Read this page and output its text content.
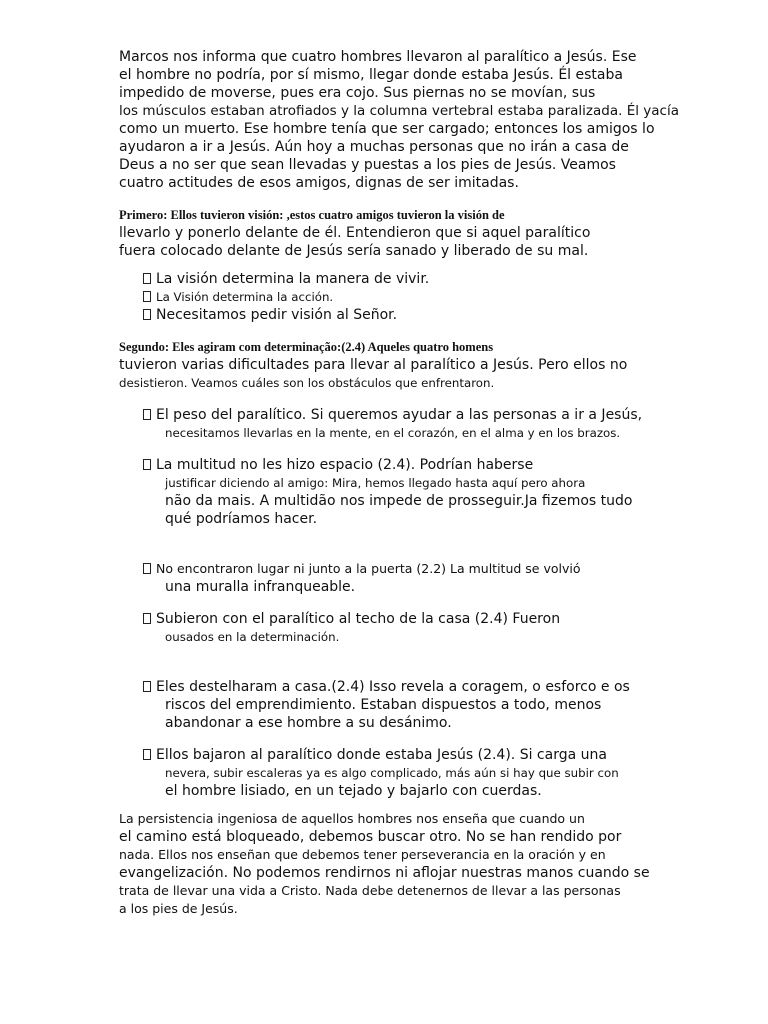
Marcos nos informa que cuatro hombres llevaron al paralítico a Jesús. Ese
el hombre no podría, por sí mismo, llegar donde estaba Jesús. Él estaba
impedido de moverse, pues era cojo. Sus piernas no se movían, sus
los músculos estaban atrofiados y la columna vertebral estaba paralizada. Él yacía
como un muerto. Ese hombre tenía que ser cargado; entonces los amigos lo
ayudaron a ir a Jesús. Aún hoy a muchas personas que no irán a casa de
Deus a no ser que sean llevadas y puestas a los pies de Jesús. Veamos
cuatro actitudes de esos amigos, dignas de ser imitadas.
Primero: Ellos tuvieron visión: ,estos cuatro amigos tuvieron la visión de
llevarlo y ponerlo delante de él. Entendieron que si aquel paralítico
fuera colocado delante de Jesús sería sanado y liberado de su mal.
La visión determina la manera de vivir.
La Visión determina la acción.
Necesitamos pedir visión al Señor.
Segundo: Eles agiram com determinação:(2.4) Aqueles quatro homens
tuvieron varias dificultades para llevar al paralítico a Jesús. Pero ellos no
desistieron. Veamos cuáles son los obstáculos que enfrentaron.
El peso del paralítico. Si queremos ayudar a las personas a ir a Jesús,
necesitamos llevarlas en la mente, en el corazón, en el alma y en los brazos.
La multitud no les hizo espacio (2.4). Podrían haberse
justificar diciendo al amigo: Mira, hemos llegado hasta aquí pero ahora
não da mais. A multidão nos impede de prosseguir.Ja fizemos tudo
qué podríamos hacer.
No encontraron lugar ni junto a la puerta (2.2) La multitud se volvió
una muralla infranqueable.
Subieron con el paralítico al techo de la casa (2.4) Fueron
ousados en la determinación.
Eles destelharam a casa.(2.4) Isso revela a coragem, o esforco e os
riscos del emprendimiento. Estaban dispuestos a todo, menos
abandonar a ese hombre a su desánimo.
Ellos bajaron al paralítico donde estaba Jesús (2.4). Si carga una
nevera, subir escaleras ya es algo complicado, más aún si hay que subir con
el hombre lisiado, en un tejado y bajarlo con cuerdas.
La persistencia ingeniosa de aquellos hombres nos enseña que cuando un
el camino está bloqueado, debemos buscar otro. No se han rendido por
nada. Ellos nos enseñan que debemos tener perseverancia en la oración y en
evangelización. No podemos rendirnos ni aflojar nuestras manos cuando se
trata de llevar una vida a Cristo. Nada debe detenernos de llevar a las personas
a los pies de Jesús.
